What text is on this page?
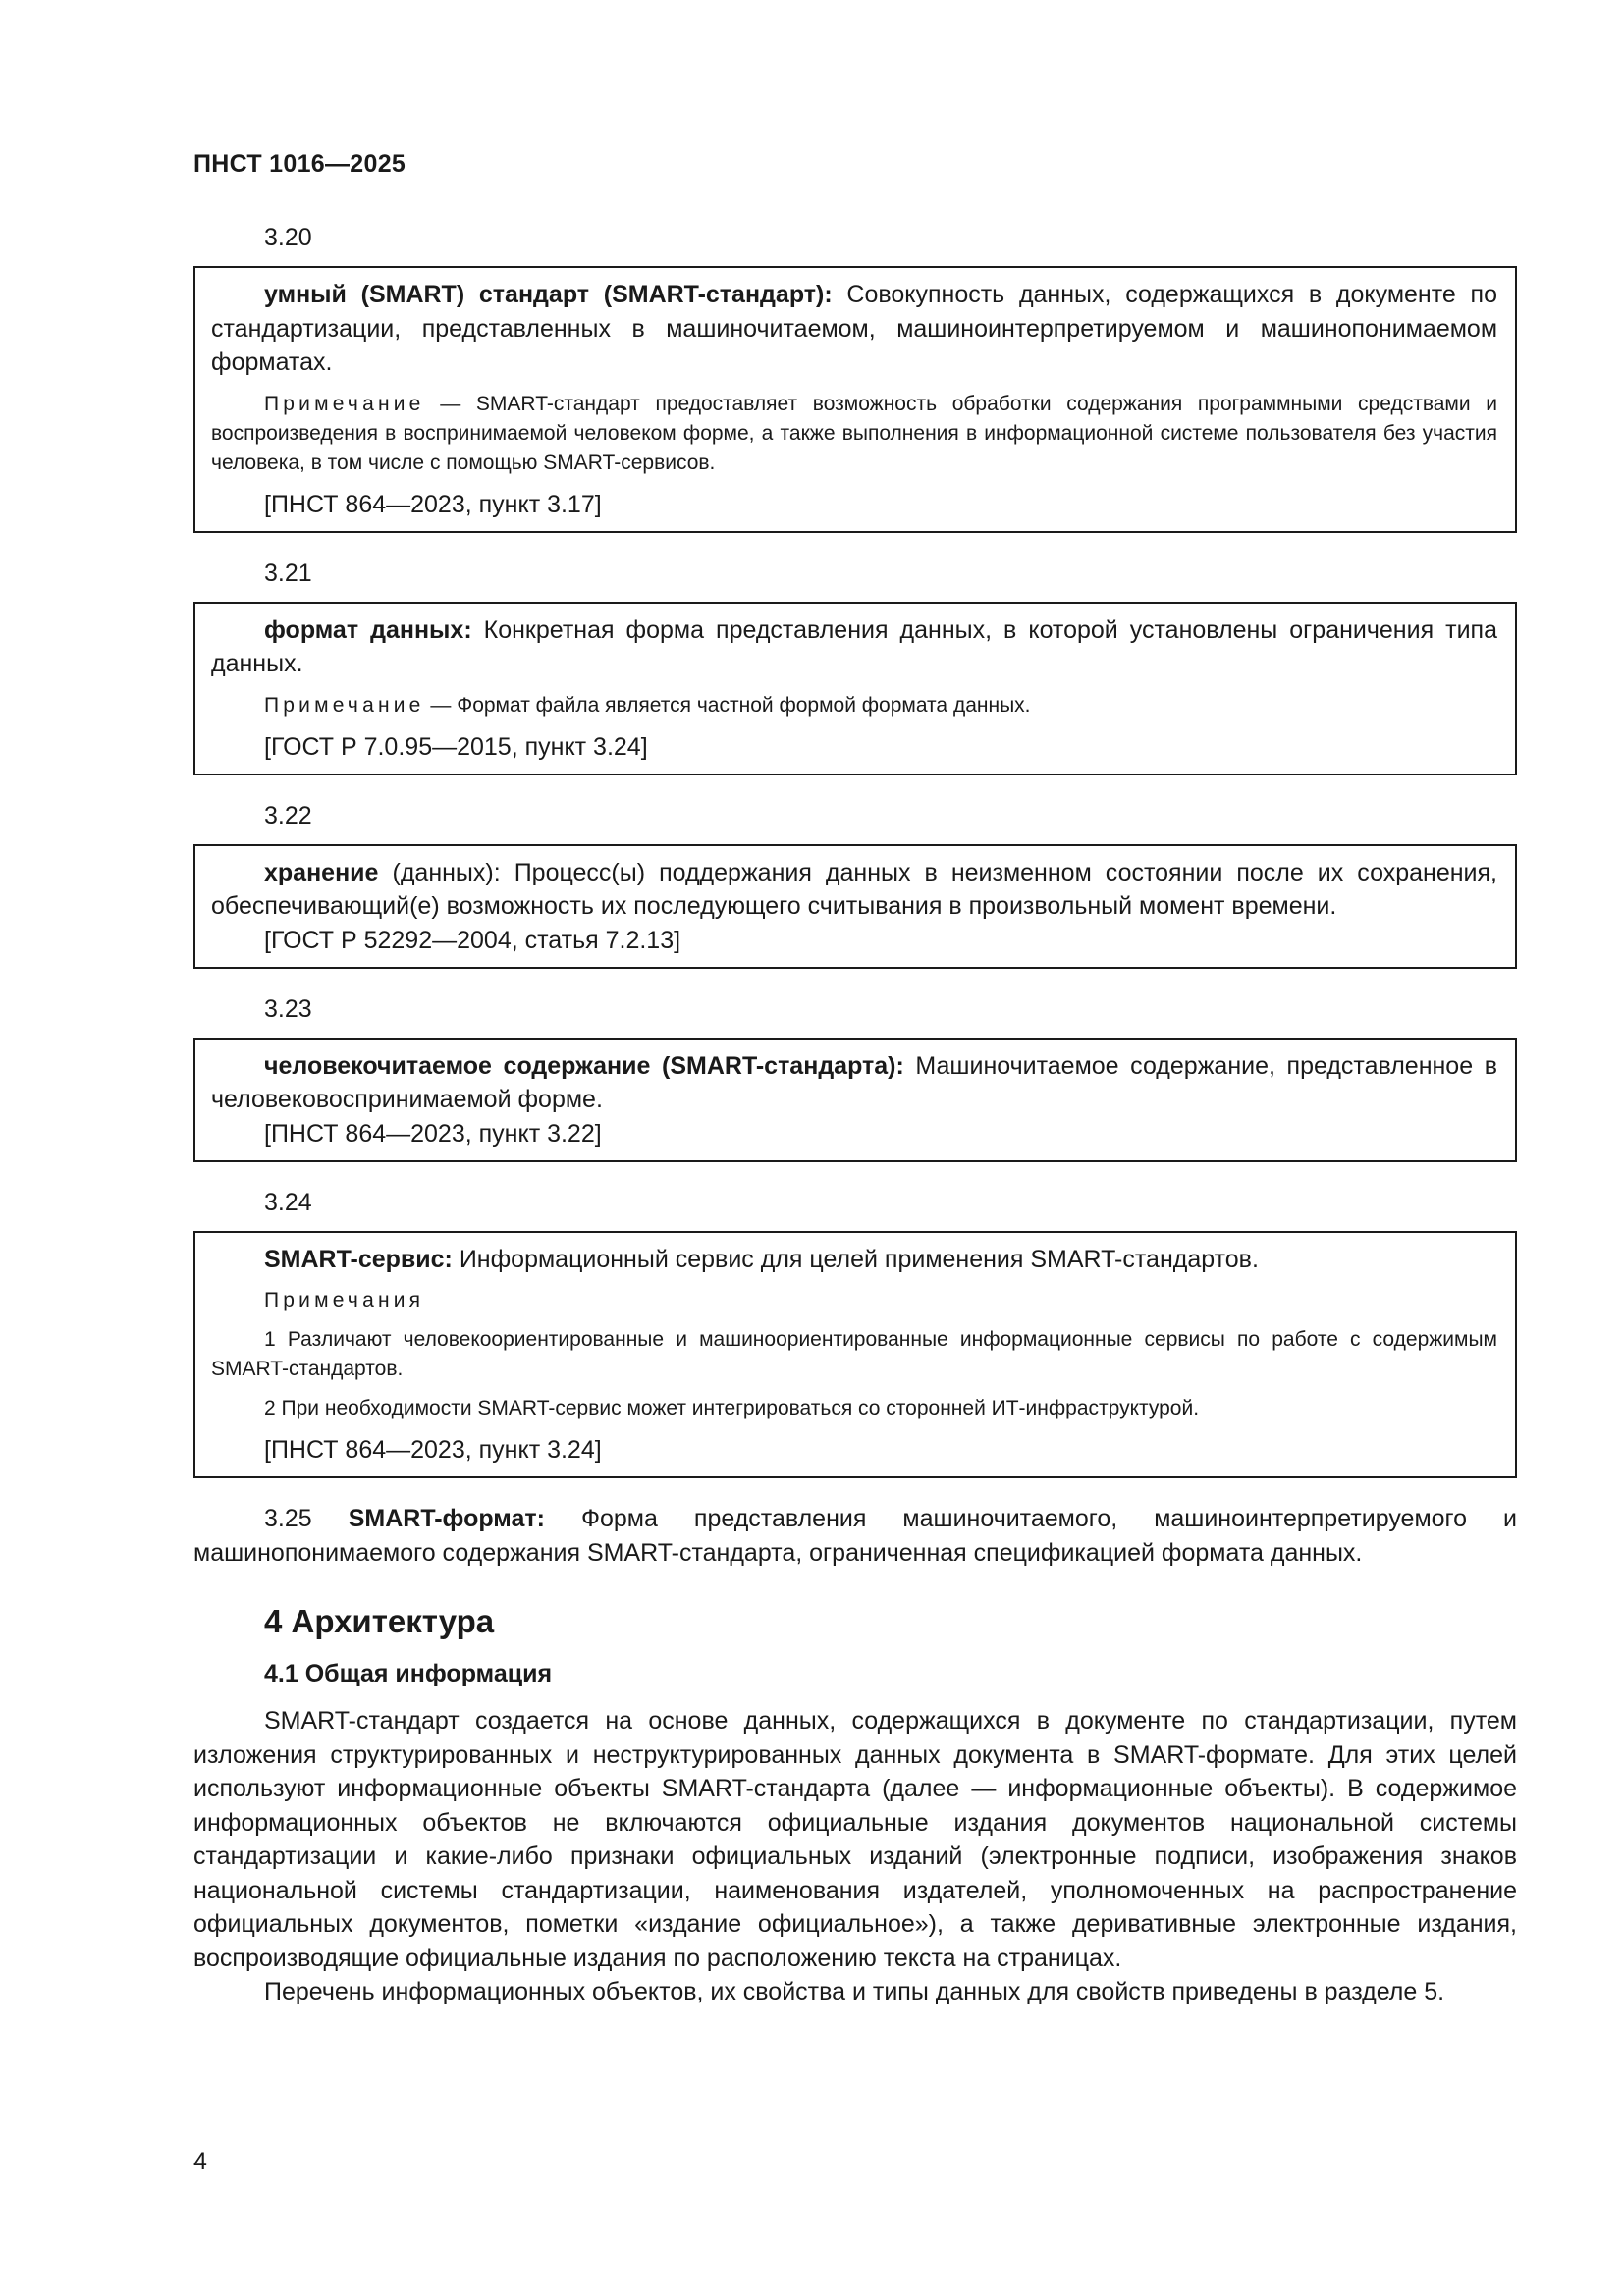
ПНСТ 1016—2025
3.20

умный (SMART) стандарт (SMART-стандарт): Совокупность данных, содержащихся в документе по стандартизации, представленных в машиночитаемом, машиноинтерпретируемом и машинопонимаемом форматах.

Примечание — SMART-стандарт предоставляет возможность обработки содержания программными средствами и воспроизведения в воспринимаемой человеком форме, а также выполнения в информационной системе пользователя без участия человека, в том числе с помощью SMART-сервисов.

[ПНСТ 864—2023, пункт 3.17]
3.21

формат данных: Конкретная форма представления данных, в которой установлены ограничения типа данных.

Примечание — Формат файла является частной формой формата данных.

[ГОСТ Р 7.0.95—2015, пункт 3.24]
3.22

хранение (данных): Процесс(ы) поддержания данных в неизменном состоянии после их сохранения, обеспечивающий(е) возможность их последующего считывания в произвольный момент времени.

[ГОСТ Р 52292—2004, статья 7.2.13]
3.23

человекочитаемое содержание (SMART-стандарта): Машиночитаемое содержание, представленное в человековоспринимаемой форме.

[ПНСТ 864—2023, пункт 3.22]
3.24

SMART-сервис: Информационный сервис для целей применения SMART-стандартов.

Примечания

1 Различают человекоориентированные и машиноориентированные информационные сервисы по работе с содержимым SMART-стандартов.

2 При необходимости SMART-сервис может интегрироваться со сторонней ИТ-инфраструктурой.

[ПНСТ 864—2023, пункт 3.24]

3.25 SMART-формат: Форма представления машиночитаемого, машиноинтерпретируемого и машинопонимаемого содержания SMART-стандарта, ограниченная спецификацией формата данных.

4 Архитектура
4.1 Общая информация

SMART-стандарт создается на основе данных, содержащихся в документе по стандартизации, путем изложения структурированных и неструктурированных данных документа в SMART-формате. Для этих целей используют информационные объекты SMART-стандарта (далее — информационные объекты). В содержимое информационных объектов не включаются официальные издания документов национальной системы стандартизации и какие-либо признаки официальных изданий (электронные подписи, изображения знаков национальной системы стандартизации, наименования издателей, уполномоченных на распространение официальных документов, пометки «издание официальное»), а также деривативные электронные издания, воспроизводящие официальные издания по расположению текста на страницах.

Перечень информационных объектов, их свойства и типы данных для свойств приведены в разделе 5.

4
